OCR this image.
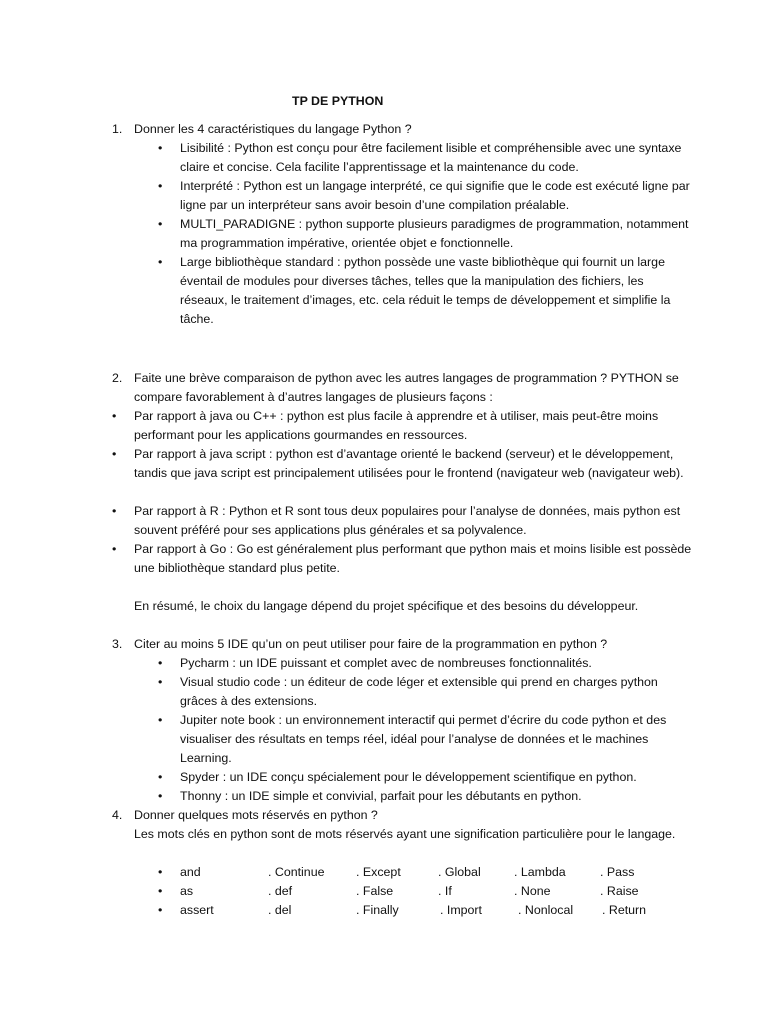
TP DE PYTHON
1. Donner les 4 caractéristiques du langage Python ?
• Lisibilité : Python est conçu pour être facilement lisible et compréhensible avec une syntaxe claire et concise. Cela facilite l’apprentissage et la maintenance du code.
• Interprété : Python est un langage interprété, ce qui signifie que le code est exécuté ligne par ligne par un interpréteur sans avoir besoin d’une compilation préalable.
• MULTI_PARADIGNE : python supporte plusieurs paradigmes de programmation, notamment ma programmation impérative, orientée objet e fonctionnelle.
• Large bibliothèque standard : python possède une vaste bibliothèque qui fournit un large éventail de modules pour diverses tâches, telles que la manipulation des fichiers, les réseaux, le traitement d’images, etc. cela réduit le temps de développement et simplifie la tâche.
2. Faite une brève comparaison de python avec les autres langages de programmation ? PYTHON se compare favorablement à d’autres langages de plusieurs façons :
• Par rapport à java ou C++ : python est plus facile à apprendre et à utiliser, mais peut-être moins performant pour les applications gourmandes en ressources.
• Par rapport à java script : python est d’avantage orienté le backend (serveur) et le développement, tandis que java script est principalement utilisées pour le frontend (navigateur web (navigateur web).
• Par rapport à R : Python et R sont tous deux populaires pour l’analyse de données, mais python est souvent préféré pour ses applications plus générales et sa polyvalence.
• Par rapport à Go : Go est généralement plus performant que python mais et moins lisible est possède une bibliothèque standard plus petite.
En résumé, le choix du langage dépend du projet spécifique et des besoins du développeur.
3. Citer au moins 5 IDE qu’un on peut utiliser pour faire de la programmation en python ?
• Pycharm : un IDE puissant et complet avec de nombreuses fonctionnalités.
• Visual studio code : un éditeur de code léger et extensible qui prend en charges python grâces à des extensions.
• Jupiter note book : un environnement interactif qui permet d’écrire du code python et des visualiser des résultats en temps réel, idéal pour l’analyse de données et le machines Learning.
• Spyder : un IDE conçu spécialement pour le développement scientifique en python.
• Thonny : un IDE simple et convivial, parfait pour les débutants en python.
4. Donner quelques mots réservés en python ?
Les mots clés en python sont de mots réservés ayant une signification particulière pour le langage.
• and	. Continue	. Except	. Global	. Lambda	. Pass
• as	. def	. False	. If	. None	. Raise
• assert	. del	. Finally	. Import	. Nonlocal . Return
